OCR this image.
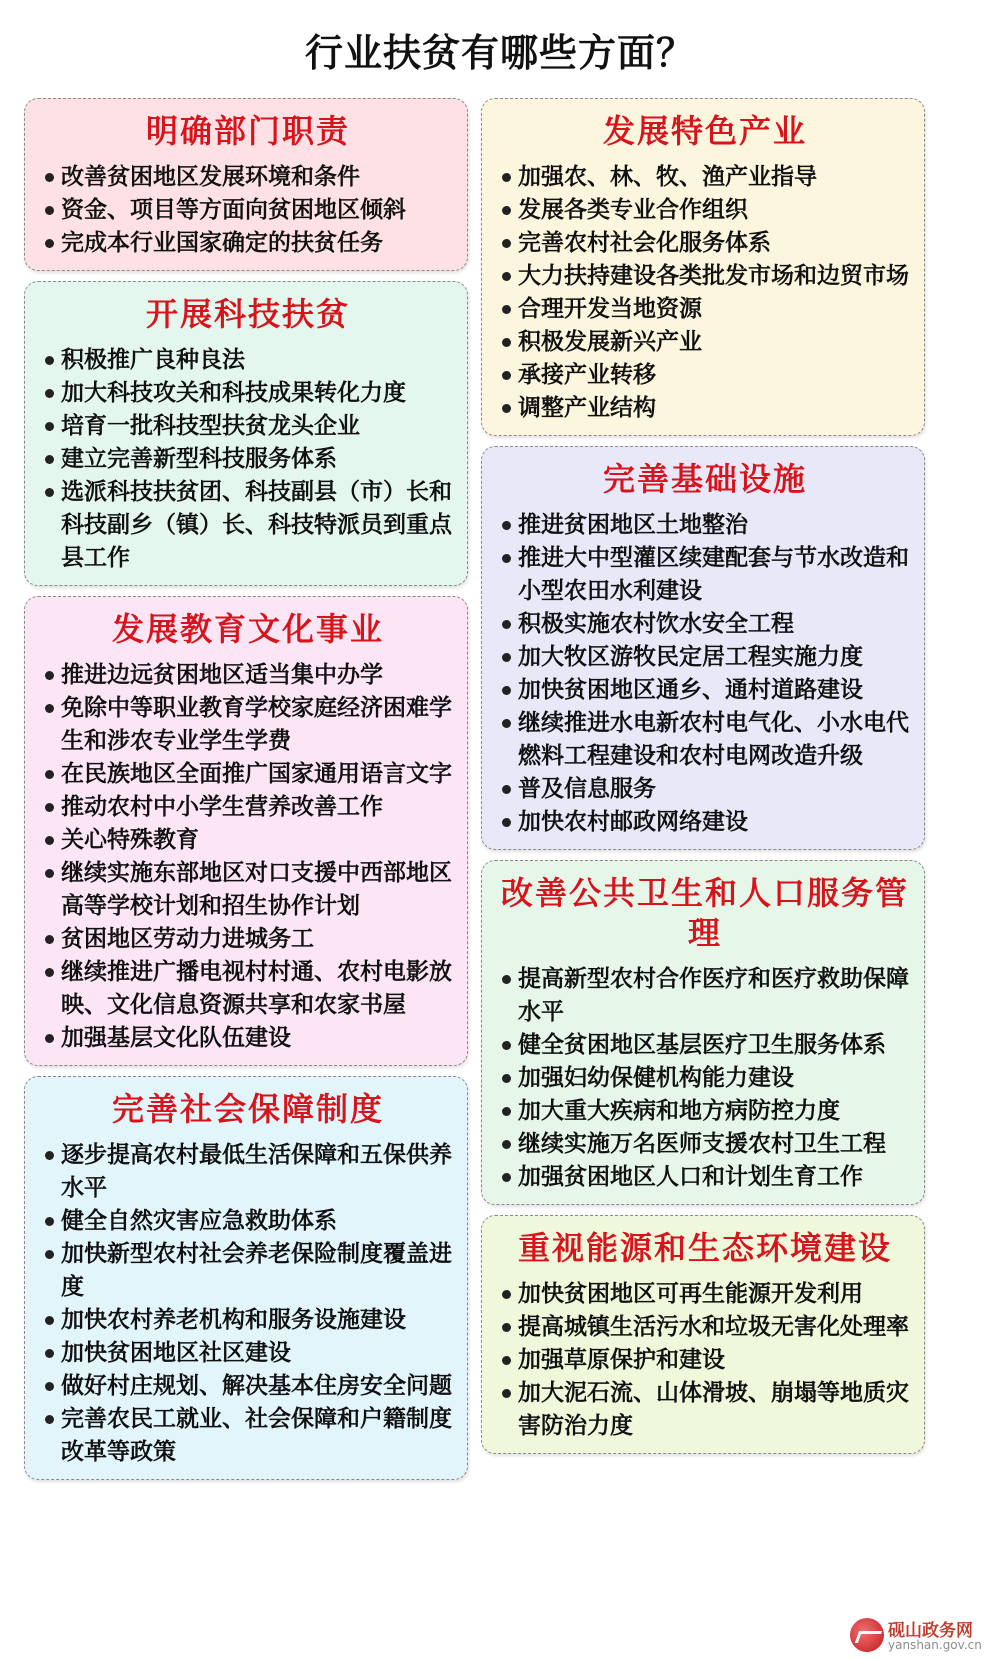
行业扶贫有哪些方面？
明确部门职责
改善贫困地区发展环境和条件
资金、项目等方面向贫困地区倾斜
完成本行业国家确定的扶贫任务
开展科技扶贫
积极推广良种良法
加大科技攻关和科技成果转化力度
培育一批科技型扶贫龙头企业
建立完善新型科技服务体系
选派科技扶贫团、科技副县（市）长和科技副乡（镇）长、科技特派员到重点县工作
发展教育文化事业
推进边远贫困地区适当集中办学
免除中等职业教育学校家庭经济困难学生和涉农专业学生学费
在民族地区全面推广国家通用语言文字
推动农村中小学生营养改善工作
关心特殊教育
继续实施东部地区对口支援中西部地区高等学校计划和招生协作计划
贫困地区劳动力进城务工
继续推进广播电视村村通、农村电影放映、文化信息资源共享和农家书屋
加强基层文化队伍建设
完善社会保障制度
逐步提高农村最低生活保障和五保供养水平
健全自然灾害应急救助体系
加快新型农村社会养老保险制度覆盖进度
加快农村养老机构和服务设施建设
加快贫困地区社区建设
做好村庄规划、解决基本住房安全问题
完善农民工就业、社会保障和户籍制度改革等政策
发展特色产业
加强农、林、牧、渔产业指导
发展各类专业合作组织
完善农村社会化服务体系
大力扶持建设各类批发市场和边贸市场
合理开发当地资源
积极发展新兴产业
承接产业转移
调整产业结构
完善基础设施
推进贫困地区土地整治
推进大中型灌区续建配套与节水改造和小型农田水利建设
积极实施农村饮水安全工程
加大牧区游牧民定居工程实施力度
加快贫困地区通乡、通村道路建设
继续推进水电新农村电气化、小水电代燃料工程建设和农村电网改造升级
普及信息服务
加快农村邮政网络建设
改善公共卫生和人口服务管理
提高新型农村合作医疗和医疗救助保障水平
健全贫困地区基层医疗卫生服务体系
加强妇幼保健机构能力建设
加大重大疾病和地方病防控力度
继续实施万名医师支援农村卫生工程
加强贫困地区人口和计划生育工作
重视能源和生态环境建设
加快贫困地区可再生能源开发利用
提高城镇生活污水和垃圾无害化处理率
加强草原保护和建设
加大泥石流、山体滑坡、崩塌等地质灾害防治力度
砚山政务网
yanshan.gov.cn
